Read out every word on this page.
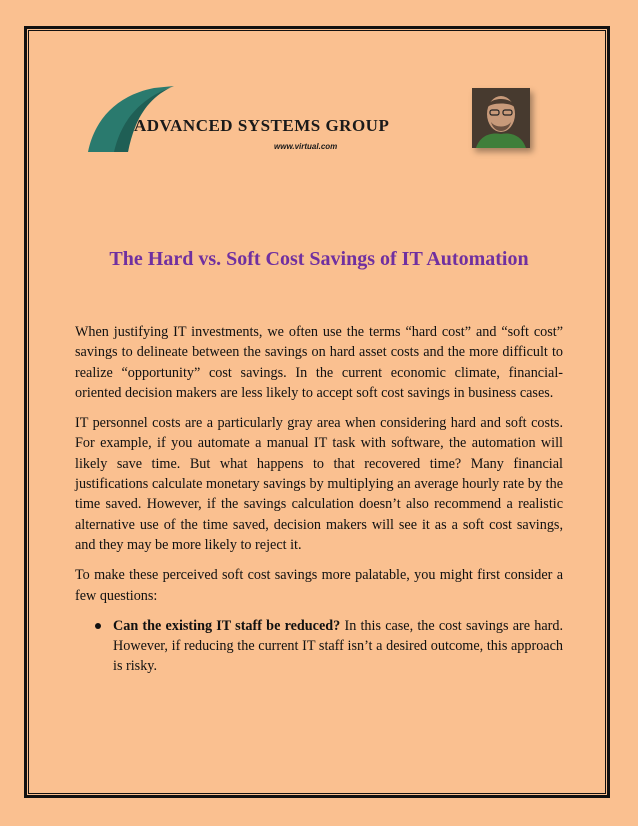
ADVANCED SYSTEMS GROUP
www.virtual.com
The Hard vs. Soft Cost Savings of IT Automation

When justifying IT investments, we often use the terms “hard cost” and “soft cost” savings to delineate between the savings on hard asset costs and the more difficult to realize “opportunity” cost savings. In the current economic climate, financial-oriented decision makers are less likely to accept soft cost savings in business cases.

IT personnel costs are a particularly gray area when considering hard and soft costs. For example, if you automate a manual IT task with software, the automation will likely save time. But what happens to that recovered time? Many financial justifications calculate monetary savings by multiplying an average hourly rate by the time saved. However, if the savings calculation doesn’t also recommend a realistic alternative use of the time saved, decision makers will see it as a soft cost savings, and they may be more likely to reject it.

To make these perceived soft cost savings more palatable, you might first consider a few questions:

Can the existing IT staff be reduced? In this case, the cost savings are hard. However, if reducing the current IT staff isn’t a desired outcome, this approach is risky.
